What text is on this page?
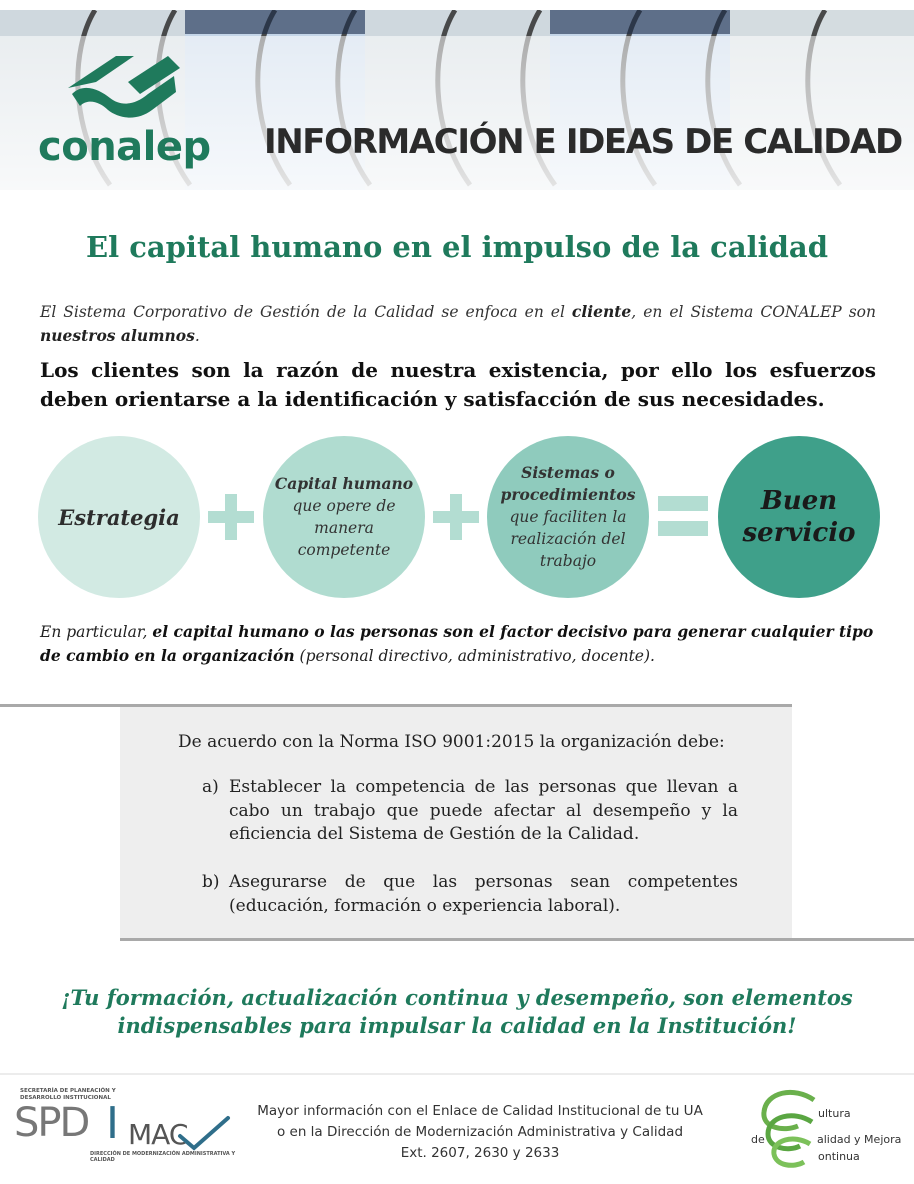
conalep INFORMACIÓN E IDEAS DE CALIDAD
El capital humano en el impulso de la calidad
El Sistema Corporativo de Gestión de la Calidad se enfoca en el cliente, en el Sistema CONALEP son nuestros alumnos.
Los clientes son la razón de nuestra existencia, por ello los esfuerzos deben orientarse a la identificación y satisfacción de sus necesidades.
Estrategia
Capital humano que opere de manera competente
Sistemas o procedimientos que faciliten la realización del trabajo
Buen servicio
En particular, el capital humano o las personas son el factor decisivo para generar cualquier tipo de cambio en la organización (personal directivo, administrativo, docente).
De acuerdo con la Norma ISO 9001:2015 la organización debe:
a) Establecer la competencia de las personas que llevan a cabo un trabajo que puede afectar al desempeño y la eficiencia del Sistema de Gestión de la Calidad.
b) Asegurarse de que las personas sean competentes (educación, formación o experiencia laboral).
¡Tu formación, actualización continua y desempeño, son elementos
indispensables para impulsar la calidad en la Institución!
SECRETARÍA DE PLANEACIÓN Y DESARROLLO INSTITUCIONAL
SPD I MAC
DIRECCIÓN DE MODERNIZACIÓN ADMINISTRATIVA Y CALIDAD
Mayor información con el Enlace de Calidad Institucional de tu UA
o en la Dirección de Modernización Administrativa y Calidad
Ext. 2607, 2630 y 2633
ultura
de	alidad y Mejora
ontinua
